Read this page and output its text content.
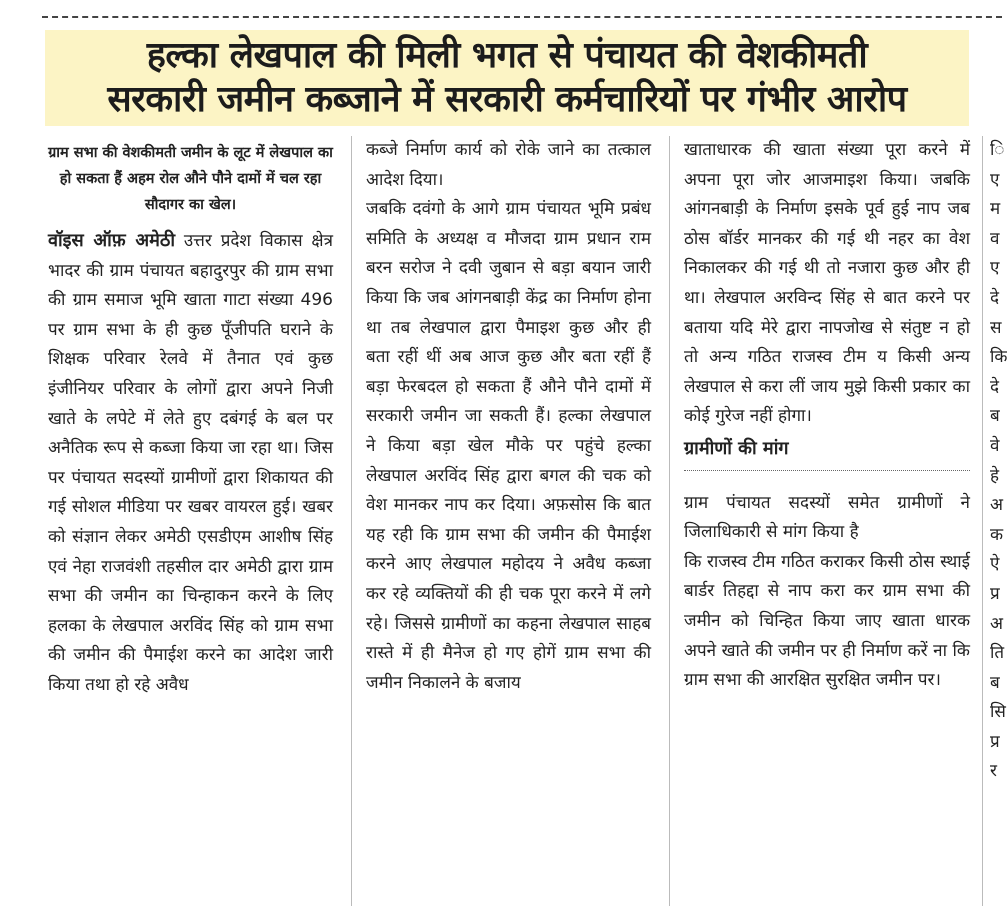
हल्का लेखपाल की मिली भगत से पंचायत की वेशकीमती
सरकारी जमीन कब्जाने में सरकारी कर्मचारियों पर गंभीर आरोप
ग्राम सभा की वेशकीमती जमीन के लूट में लेखपाल का हो सकता हैं अहम रोल औने पौने दामों में चल रहा सौदागर का खेल।

वॉइस ऑफ़ अमेठी उत्तर प्रदेश विकास क्षेत्र भादर की ग्राम पंचायत बहादुरपुर की ग्राम सभा की ग्राम समाज भूमि खाता गाटा संख्या 496 पर ग्राम सभा के ही कुछ पूँजीपति घराने के शिक्षक परिवार रेलवे में तैनात एवं कुछ इंजीनियर परिवार के लोगों द्वारा अपने निजी खाते के लपेटे में लेते हुए दबंगई के बल पर अनैतिक रूप से कब्जा किया जा रहा था। जिस पर पंचायत सदस्यों ग्रामीणों द्वारा शिकायत की गई सोशल मीडिया पर खबर वायरल हुई। खबर को संज्ञान लेकर अमेठी एसडीएम आशीष सिंह एवं नेहा राजवंशी तहसील दार अमेठी द्वारा ग्राम सभा की जमीन का चिन्हाकन करने के लिए हलका के लेखपाल अरविंद सिंह को ग्राम सभा की जमीन की पैमाईश करने का आदेश जारी किया तथा हो रहे अवैध

कब्जे निर्माण कार्य को रोके जाने का तत्काल आदेश दिया।

जबकि दवंगो के आगे ग्राम पंचायत भूमि प्रबंध समिति के अध्यक्ष व मौजदा ग्राम प्रधान राम बरन सरोज ने दवी जुबान से बड़ा बयान जारी किया कि जब आंगनबाड़ी केंद्र का निर्माण होना था तब लेखपाल द्वारा पैमाइश कुछ और ही बता रहीं थीं अब आज कुछ और बता रहीं हैं बड़ा फेरबदल हो सकता हैं औने पौने दामों में सरकारी जमीन जा सकती हैं। हल्का लेखपाल ने किया बड़ा खेल मौके पर पहुंचे हल्का लेखपाल अरविंद सिंह द्वारा बगल की चक को वेश मानकर नाप कर दिया। अफ़सोस कि बात यह रही कि ग्राम सभा की जमीन की पैमाईश करने आए लेखपाल महोदय ने अवैध कब्जा कर रहे व्यक्तियों की ही चक पूरा करने में लगे रहे। जिससे ग्रामीणों का कहना लेखपाल साहब रास्ते में ही मैनेज हो गए होगें ग्राम सभा की जमीन निकालने के बजाय

खाताधारक की खाता संख्या पूरा करने में अपना पूरा जोर आजमाइश किया। जबकि आंगनबाड़ी के निर्माण इसके पूर्व हुई नाप जब ठोस बॉर्डर मानकर की गई थी नहर का वेश निकालकर की गई थी तो नजारा कुछ और ही था। लेखपाल अरविन्द सिंह से बात करने पर बताया यदि मेरे द्वारा नापजोख से संतुष्ट न हो तो अन्य गठित राजस्व टीम य किसी अन्य लेखपाल से करा लीं जाय मुझे किसी प्रकार का कोई गुरेज नहीं होगा।

ग्रामीणों की मांग

ग्राम पंचायत सदस्यों समेत ग्रामीणों ने जिलाधिकारी से मांग किया है

कि राजस्व टीम गठित कराकर किसी ठोस स्थाई बार्डर तिहद्दा से नाप करा कर ग्राम सभा की जमीन को चिन्हित किया जाए खाता धारक अपने खाते की जमीन पर ही निर्माण करें ना कि ग्राम सभा की आरक्षित सुरक्षित जमीन पर।

ि
ए
म
व
ए
दे
स
कि
दे
ब
वे
हे
अ
क
ऐ
प्र
अ
ति
ब
सि
प्र
र
